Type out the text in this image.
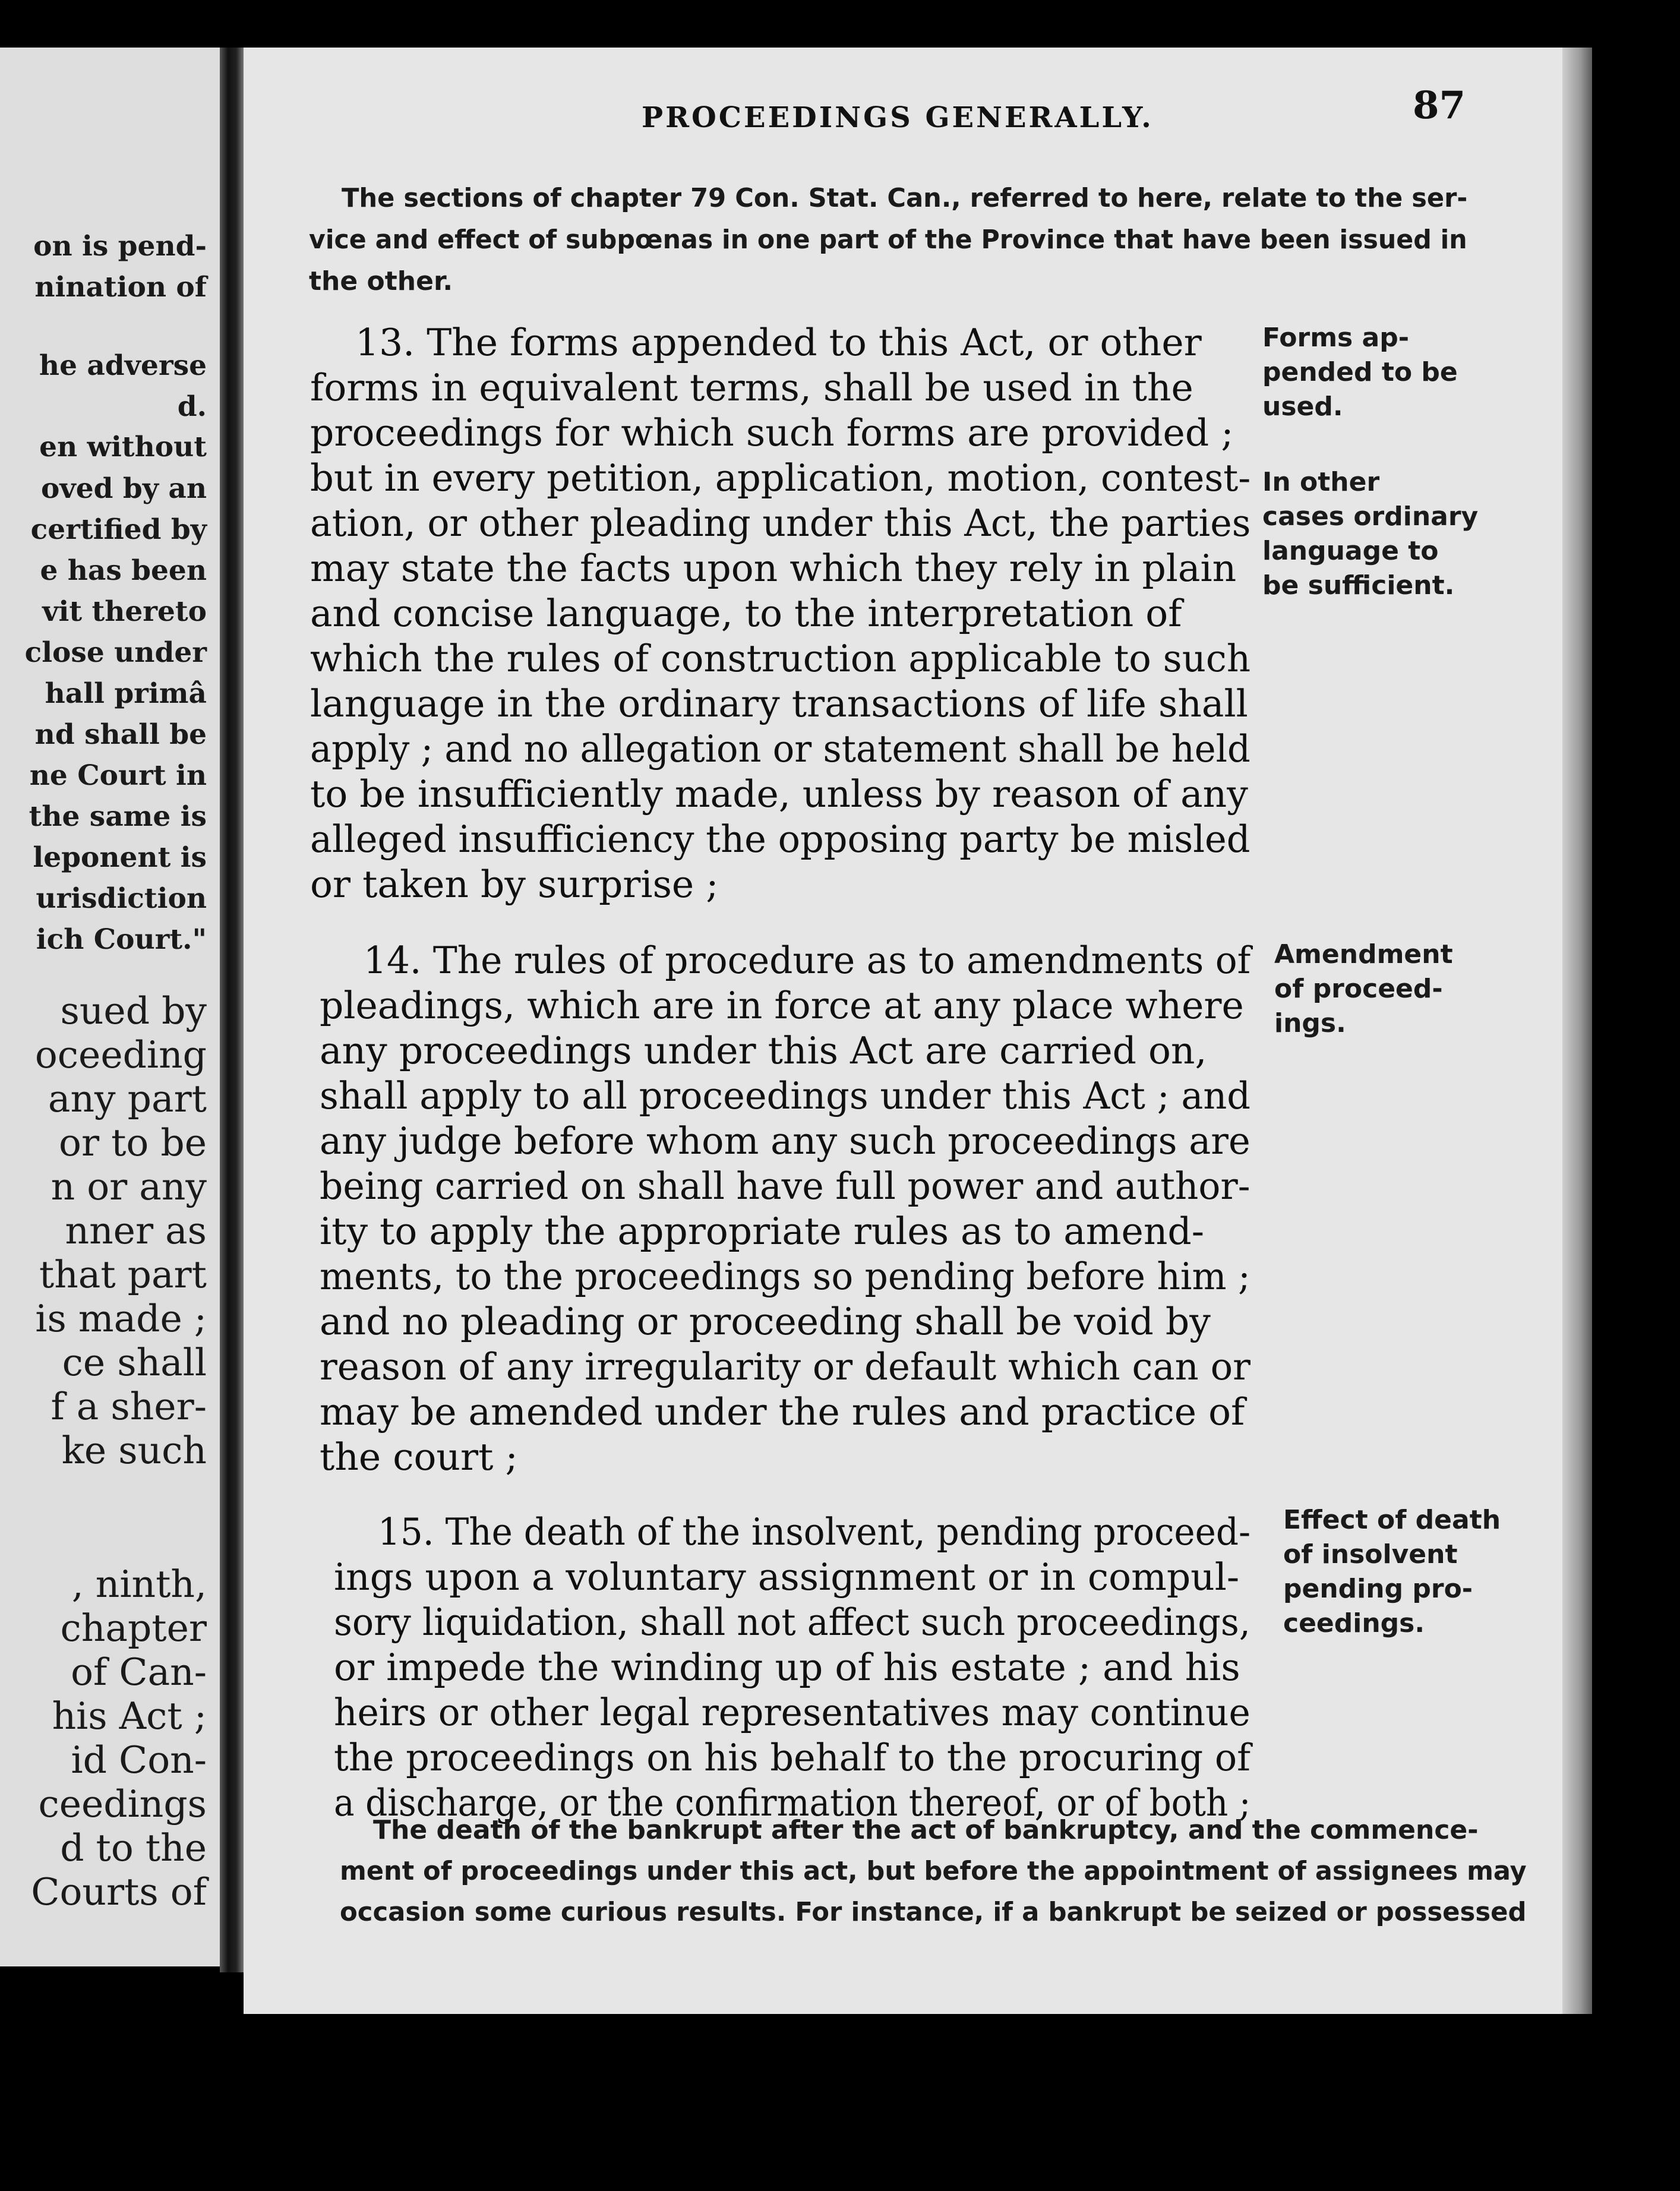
on is pend-
nination of
he adverse
d.
en without
oved by an
certified by
e has been
vit thereto
close under
hall primâ
nd shall be
ne Court in
the same is
leponent is
urisdiction
ich Court."
sued by
oceeding
any part
or to be
n or any
nner as
that part
is made ;
ce shall
f a sher-
ke such
, ninth,
chapter
of Can-
his Act ;
id Con-
ceedings
d to the
Courts of
PROCEEDINGS GENERALLY.	87
The sections of chapter 79 Con. Stat. Can., referred to here, relate to the ser-
vice and effect of subpœnas in one part of the Province that have been issued in
the other.
13. The forms appended to this Act, or other
forms in equivalent terms, shall be used in the
proceedings for which such forms are provided ;
but in every petition, application, motion, contest-
ation, or other pleading under this Act, the parties
may state the facts upon which they rely in plain
and concise language, to the interpretation of
which the rules of construction applicable to such
language in the ordinary transactions of life shall
apply ; and no allegation or statement shall be held
to be insufficiently made, unless by reason of any
alleged insufficiency the opposing party be misled
or taken by surprise ;
Forms ap-
pended to be
used.
In other
cases ordinary
language to
be sufficient.
14. The rules of procedure as to amendments of
pleadings, which are in force at any place where
any proceedings under this Act are carried on,
shall apply to all proceedings under this Act ; and
any judge before whom any such proceedings are
being carried on shall have full power and author-
ity to apply the appropriate rules as to amend-
ments, to the proceedings so pending before him ;
and no pleading or proceeding shall be void by
reason of any irregularity or default which can or
may be amended under the rules and practice of
the court ;
Amendment
of proceed-
ings.
15. The death of the insolvent, pending proceed-
ings upon a voluntary assignment or in compul-
sory liquidation, shall not affect such proceedings,
or impede the winding up of his estate ; and his
heirs or other legal representatives may continue
the proceedings on his behalf to the procuring of
a discharge, or the confirmation thereof, or of both ;
Effect of death
of insolvent
pending pro-
ceedings.
The death of the bankrupt after the act of bankruptcy, and the commence-
ment of proceedings under this act, but before the appointment of assignees may
occasion some curious results. For instance, if a bankrupt be seized or possessed
